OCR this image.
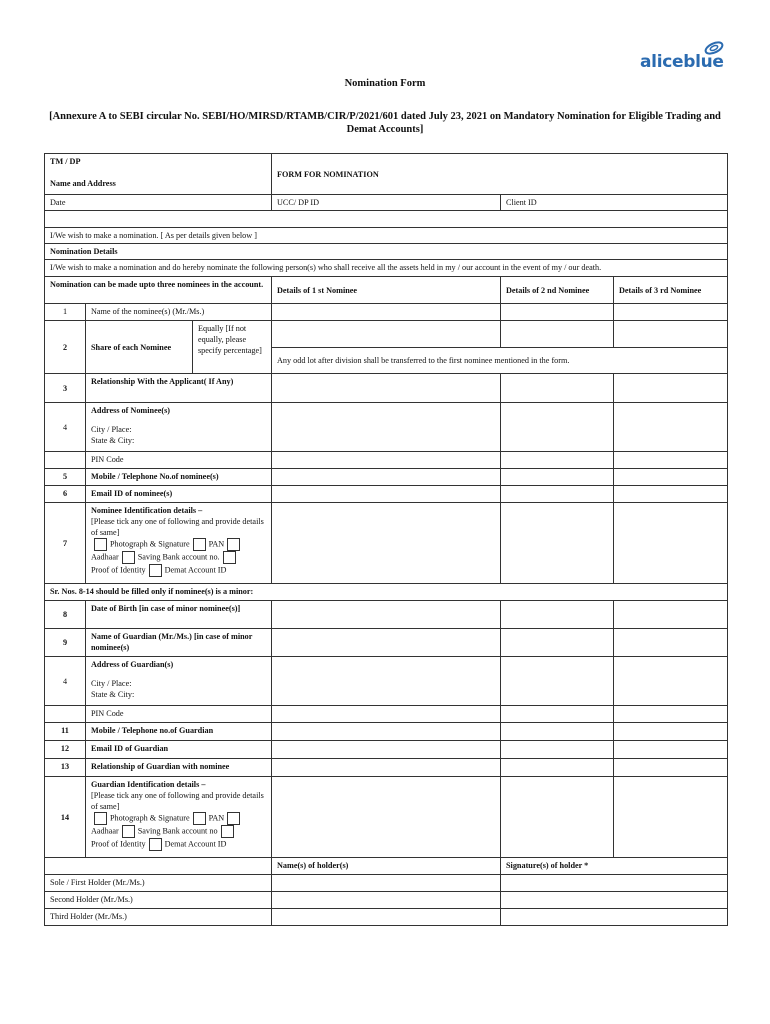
aliceblue
Nomination Form
[Annexure A to SEBI circular No. SEBI/HO/MIRSD/RTAMB/CIR/P/2021/601 dated July 23, 2021 on Mandatory Nomination for Eligible Trading and Demat Accounts]
TM / DP
Name and Address			FORM FOR NOMINATION		
Date			UCC/ DP ID	Client ID	

I/We wish to make a nomination. [ As per details given below ]					
Nomination Details					
I/We wish to make a nomination and do hereby nominate the following person(s) who shall receive all the assets held in my / our account in the event of my / our death.					
Nomination can be made upto three nominees in the account.			Details of 1 st Nominee	Details of 2 nd Nominee	Details of 3 rd Nominee
1	Name of the nominee(s) (Mr./Ms.)				
2	Share of each Nominee	Equally [If not equally, please specify percentage]			
			Any odd lot after division shall be transferred to the first nominee mentioned in the form.		
3	Relationship With the Applicant( If Any)				
4	Address of Nominee(s)
City / Place:
State & City:				

	PIN Code				
5	Mobile / Telephone No.of nominee(s)				
6	Email ID of nominee(s)				
7	Nominee Identification details –
[Please tick any one of following and provide details of same]
Photograph & Signature PAN
Aadhaar Saving Bank account no.
Proof of Identity Demat Account ID				

Sr. Nos. 8-14 should be filled only if nominee(s) is a minor:					
8	Date of Birth [in case of minor nominee(s)]				
9	Name of Guardian (Mr./Ms.) [in case of minor nominee(s)				
4	Address of Guardian(s)
City / Place:
State & City:				

	PIN Code				
11	Mobile / Telephone no.of Guardian				
12	Email ID of Guardian				
13	Relationship of Guardian with nominee				
14	Guardian Identification details –
[Please tick any one of following and provide details of same]
Photograph & Signature PAN
Aadhaar Saving Bank account no
Proof of Identity Demat Account ID				

			Name(s) of holder(s)	Signature(s) of holder *	
Sole / First Holder (Mr./Ms.)					
Second Holder (Mr./Ms.)					
Third Holder (Mr./Ms.)					
